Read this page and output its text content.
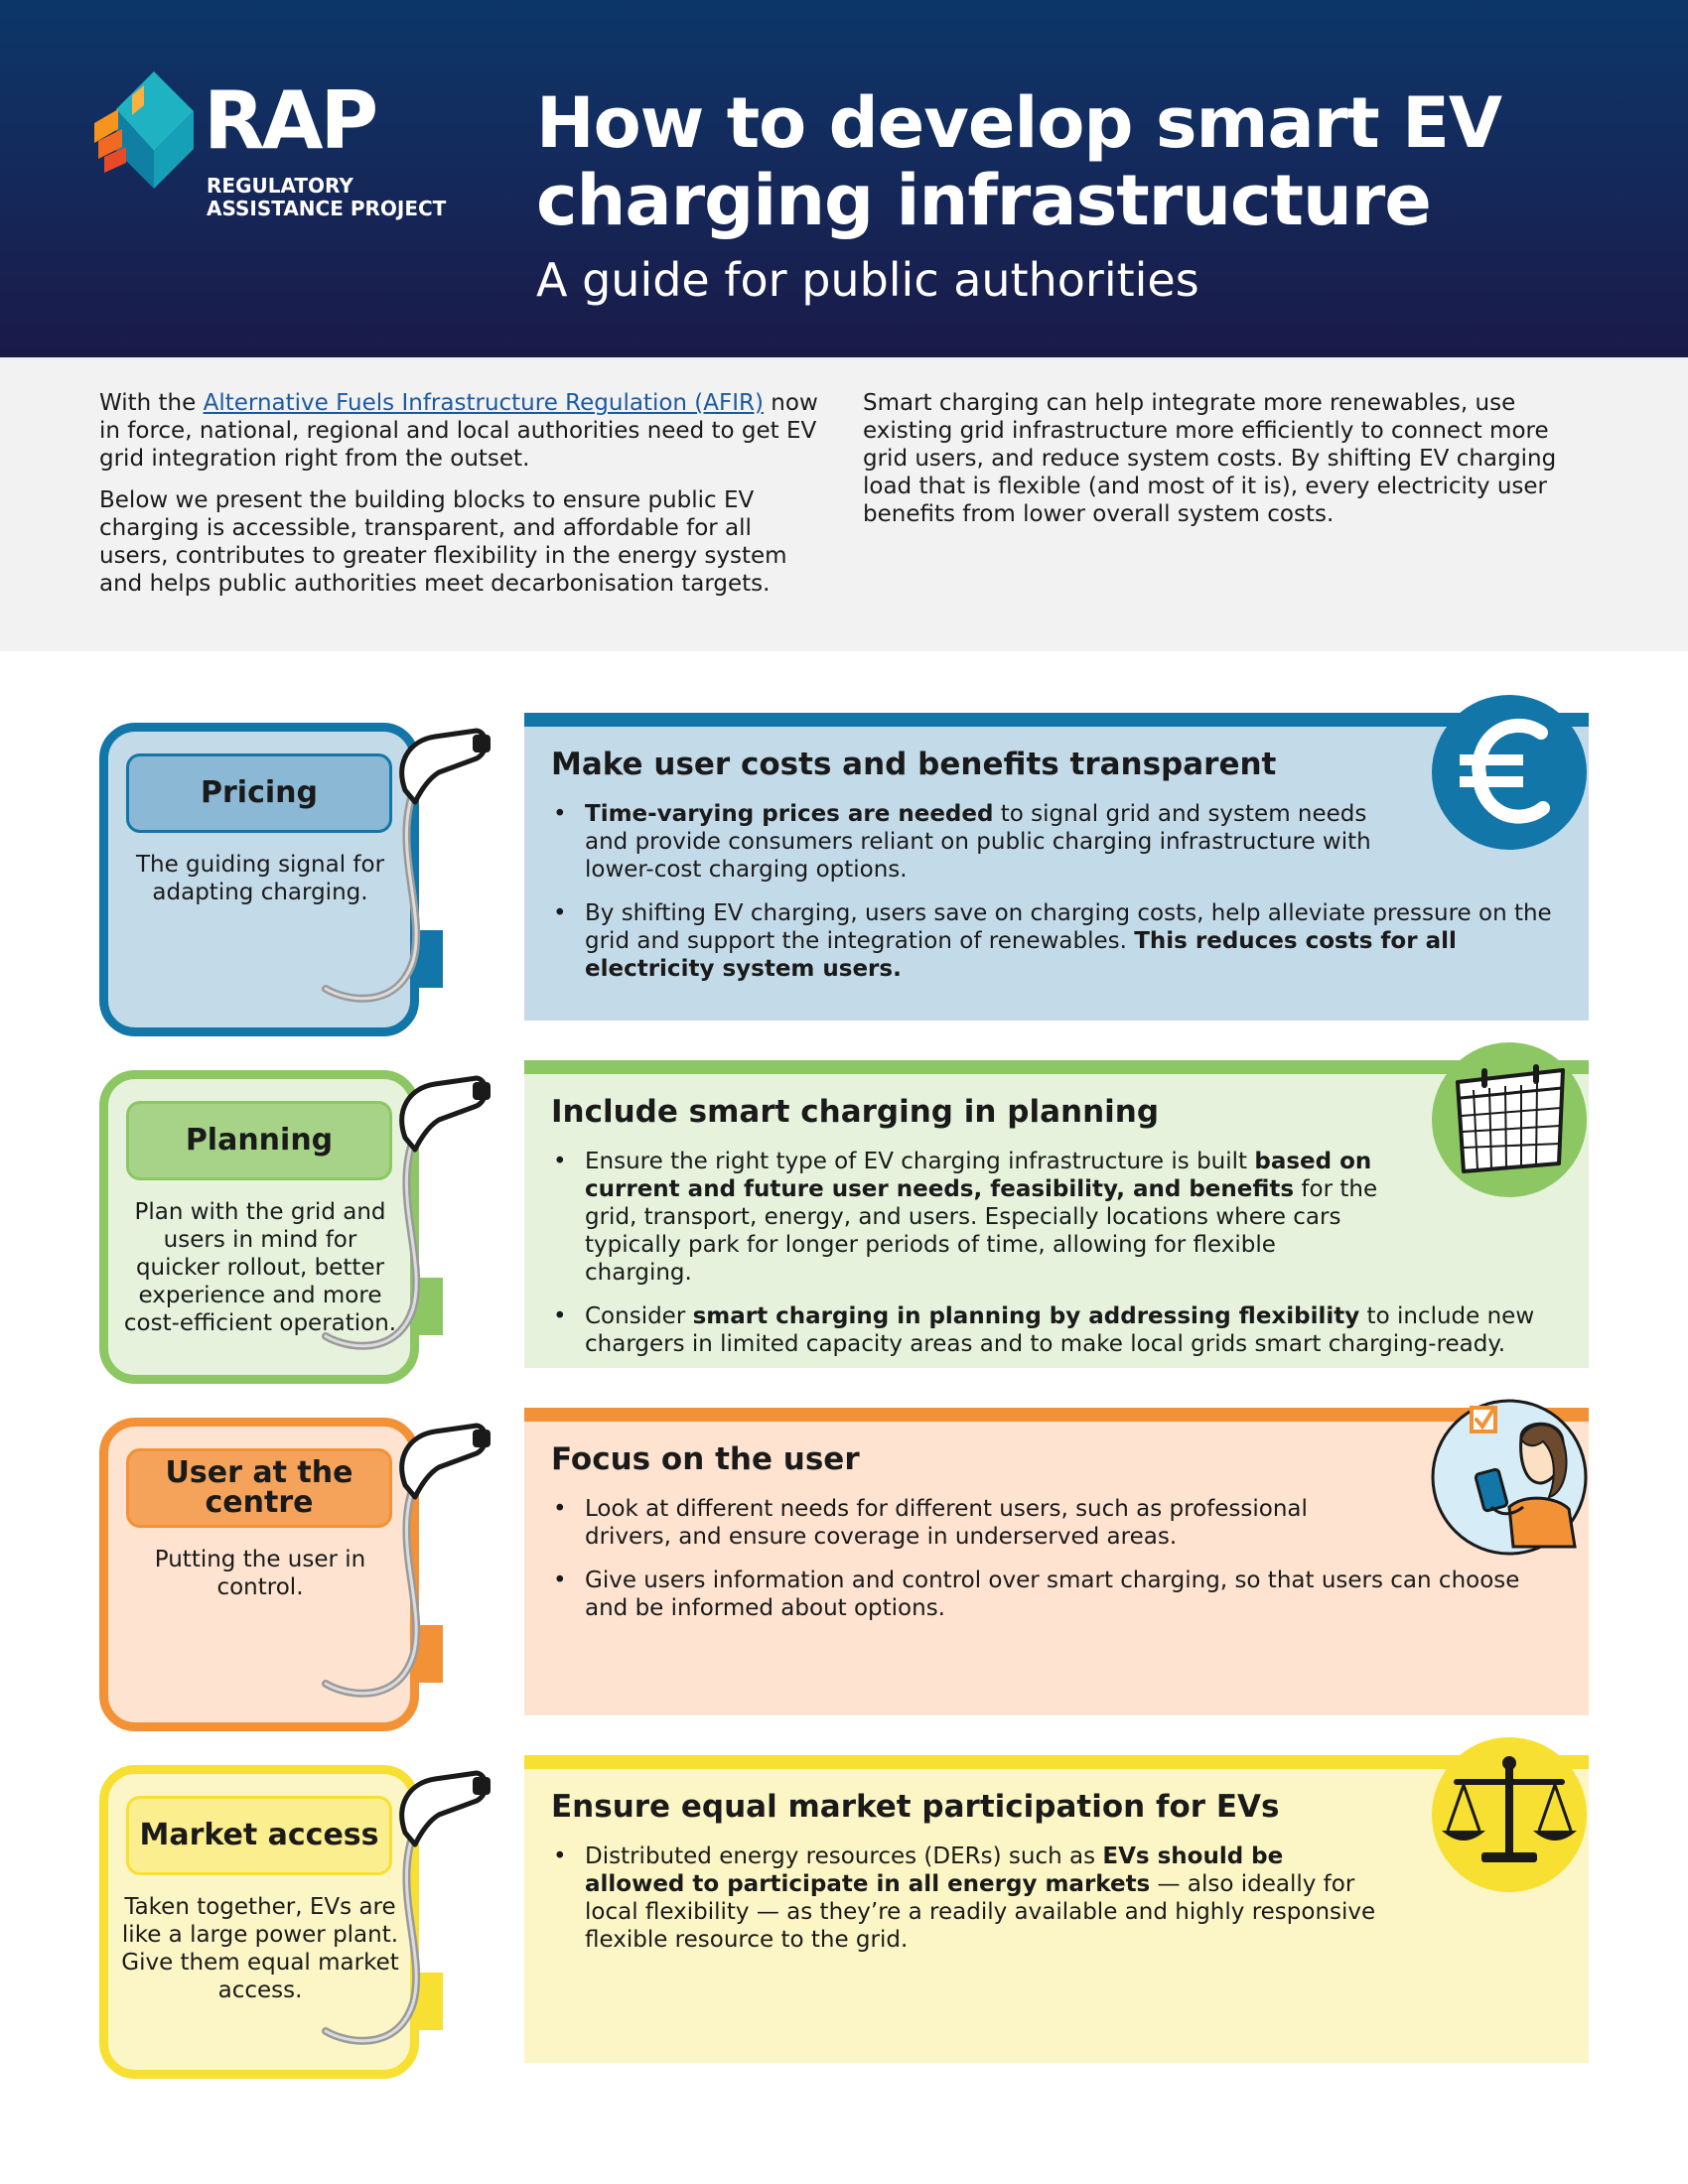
RAP
REGULATORY
ASSISTANCE PROJECT
How to develop smart EV
charging infrastructure
A guide for public authorities

With the Alternative Fuels Infrastructure Regulation (AFIR) now in force, national, regional and local authorities need to get EV grid integration right from the outset.

Below we present the building blocks to ensure public EV charging is accessible, transparent, and affordable for all users, contributes to greater flexibility in the energy system and helps public authorities meet decarbonisation targets.

Smart charging can help integrate more renewables, use existing grid infrastructure more efficiently to connect more grid users, and reduce system costs. By shifting EV charging load that is flexible (and most of it is), every electricity user benefits from lower overall system costs.

Pricing
The guiding signal for adapting charging.
Make user costs and benefits transparent
• Time-varying prices are needed to signal grid and system needs and provide consumers reliant on public charging infrastructure with lower-cost charging options.
• By shifting EV charging, users save on charging costs, help alleviate pressure on the grid and support the integration of renewables. This reduces costs for all electricity system users.
Planning
Plan with the grid and users in mind for quicker rollout, better experience and more cost-efficient operation.
Include smart charging in planning
• Ensure the right type of EV charging infrastructure is built based on current and future user needs, feasibility, and benefits for the grid, transport, energy, and users. Especially locations where cars typically park for longer periods of time, allowing for flexible charging.
• Consider smart charging in planning by addressing flexibility to include new chargers in limited capacity areas and to make local grids smart charging-ready.
User at the centre
Putting the user in control.
Focus on the user
• Look at different needs for different users, such as professional drivers, and ensure coverage in underserved areas.
• Give users information and control over smart charging, so that users can choose and be informed about options.
Market access
Taken together, EVs are like a large power plant. Give them equal market access.
Ensure equal market participation for EVs
• Distributed energy resources (DERs) such as EVs should be allowed to participate in all energy markets — also ideally for local flexibility — as they’re a readily available and highly responsive flexible resource to the grid.
